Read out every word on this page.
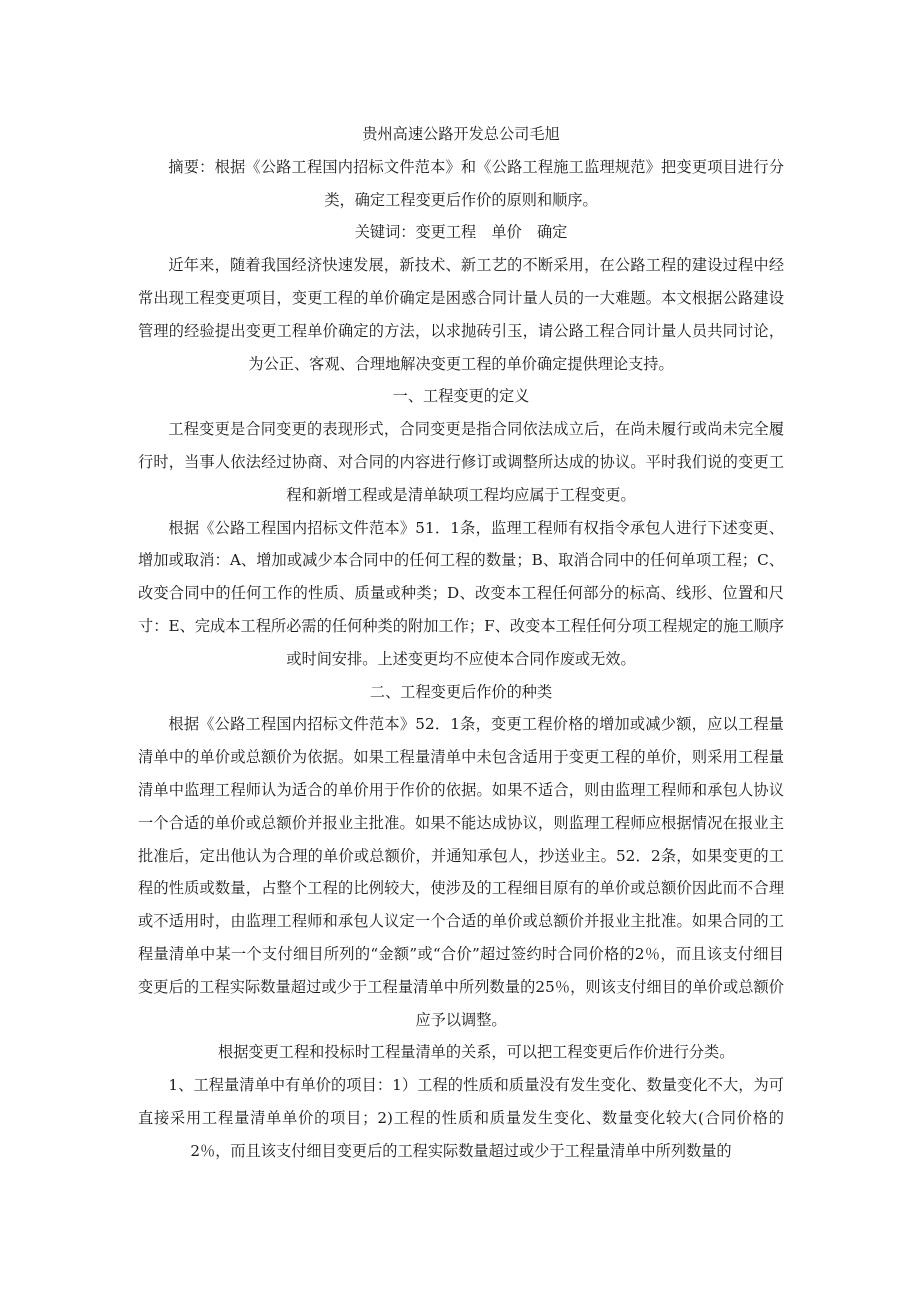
贵州高速公路开发总公司毛旭

摘要：根据《公路工程国内招标文件范本》和《公路工程施工监理规范》把变更项目进行分类，确定工程变更后作价的原则和顺序。

关键词：变更工程　单价　确定

近年来，随着我国经济快速发展，新技术、新工艺的不断采用，在公路工程的建设过程中经常出现工程变更项目，变更工程的单价确定是困惑合同计量人员的一大难题。本文根据公路建设管理的经验提出变更工程单价确定的方法，以求抛砖引玉，请公路工程合同计量人员共同讨论，为公正、客观、合理地解决变更工程的单价确定提供理论支持。

一、工程变更的定义

工程变更是合同变更的表现形式，合同变更是指合同依法成立后，在尚未履行或尚未完全履行时，当事人依法经过协商、对合同的内容进行修订或调整所达成的协议。平时我们说的变更工程和新增工程或是清单缺项工程均应属于工程变更。

根据《公路工程国内招标文件范本》51．1条，监理工程师有权指令承包人进行下述变更、增加或取消：A、增加或减少本合同中的任何工程的数量；B、取消合同中的任何单项工程；C、改变合同中的任何工作的性质、质量或种类；D、改变本工程任何部分的标高、线形、位置和尺寸：E、完成本工程所必需的任何种类的附加工作；F、改变本工程任何分项工程规定的施工顺序或时间安排。上述变更均不应使本合同作废或无效。

二、工程变更后作价的种类

根据《公路工程国内招标文件范本》52．1条，变更工程价格的增加或减少额，应以工程量清单中的单价或总额价为依据。如果工程量清单中未包含适用于变更工程的单价，则采用工程量清单中监理工程师认为适合的单价用于作价的依据。如果不适合，则由监理工程师和承包人协议一个合适的单价或总额价并报业主批准。如果不能达成协议，则监理工程师应根据情况在报业主批准后，定出他认为合理的单价或总额价，并通知承包人，抄送业主。52．2条，如果变更的工程的性质或数量，占整个工程的比例较大，使涉及的工程细目原有的单价或总额价因此而不合理或不适用时，由监理工程师和承包人议定一个合适的单价或总额价并报业主批准。如果合同的工程量清单中某一个支付细目所列的“金额”或“合价”超过签约时合同价格的2％，而且该支付细目变更后的工程实际数量超过或少于工程量清单中所列数量的25％，则该支付细目的单价或总额价应予以调整。

根据变更工程和投标时工程量清单的关系，可以把工程变更后作价进行分类。

1、工程量清单中有单价的项目：1）工程的性质和质量没有发生变化、数量变化不大，为可直接采用工程量清单单价的项目；2)工程的性质和质量发生变化、数量变化较大(合同价格的2％，而且该支付细目变更后的工程实际数量超过或少于工程量清单中所列数量的
